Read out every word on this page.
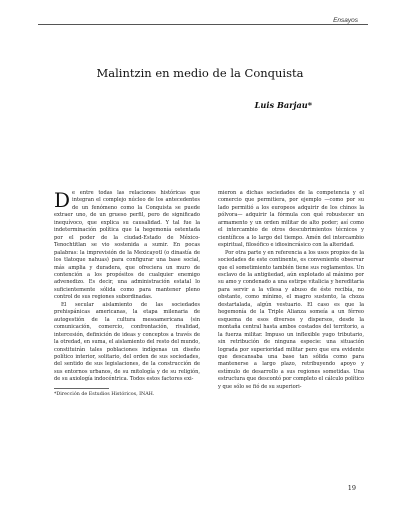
Ensayos
Malintzin en medio de la Conquista
Luis Barjau*

De entre todas las relaciones históricas que integran el complejo núcleo de los antecedentes de un fenómeno como la Conquista se puede extraer uno, de un grueso perfil, pero de significado inequívoco, que explica su causalidad. Y tal fue la indeterminación política que la hegemonía ostentada por el poder de la ciudad-Estado de México-Tenochtitlan se vio sostenida a sumir. En pocas palabras: la imprevisión de la Mexicayotl (o dinastía de los tlatoque nahuas) para configurar una base social, más amplia y duradera, que ofreciera un muro de contención a los propósitos de cualquier enemigo advenedizo. Es decir, una administración estatal lo suficientemente sólida como para mantener pleno control de sus regiones subordinadas.

El secular aislamiento de las sociedades prehispánicas americanas, la etapa milenaria de autogestión de la cultura mesoamericana (sin comunicación, comercio, confrontación, rivalidad, intercesión, definición de ideas y conceptos a través de la otredad, en suma, el aislamiento del resto del mundo, constituirán tales poblaciones indígenas un diseño político interior, solitario, del orden de sus sociedades, del sentido de sus legislaciones, de la construcción de sus entornos urbanos, de su mitología y de su religión, de su axiología indocéntrica. Todos estos factores exi-

*Dirección de Estudios Históricos, INAH.

mieron a dichas sociedades de la competencia y el comercio que permitiera, por ejemplo —como por su lado permitió a los europeos adquirir de los chinos la pólvora— adquirir la fórmula con qué robustecer un armamento y un orden militar de alto poder; así como el intercambio de otros descubrimientos técnicos y científicos a lo largo del tiempo. Amén del intercambio espiritual, filosófico e idiosincrásico con la alteridad.

Por otra parte y en referencia a los usos propios de la sociedades de este continente, es conveniente observar que el sometimiento también tiene sus reglamentos. Un esclavo de la antigüedad, aún explotado al máximo por su amo y condenado a una estirpe vitalicia y hereditaria para servir a la vilesa y abuso de éste recibía, no obstante, como mínimo, el magro sustento, la choza destartalada, algún vestuario. El caso es que la hegemonía de la Triple Alianza someía a un férreo esquema de esos diversos y dispersos, desde la montaña central hasta ambos costados del territorio, a la fuerza militar. Impuso un inflexible yugo tributario, sin retribución de ninguna especie: una situación lograda por superioridad militar pero que era evidente que descansaba una base tan sólida como para mantenerse a largo plazo, retribuyendo apoyo y estímulo de desarrollo a sus regiones sometidas. Una estructura que descontó por completo el cálculo político y que sólo se fió de su superiori-

19
